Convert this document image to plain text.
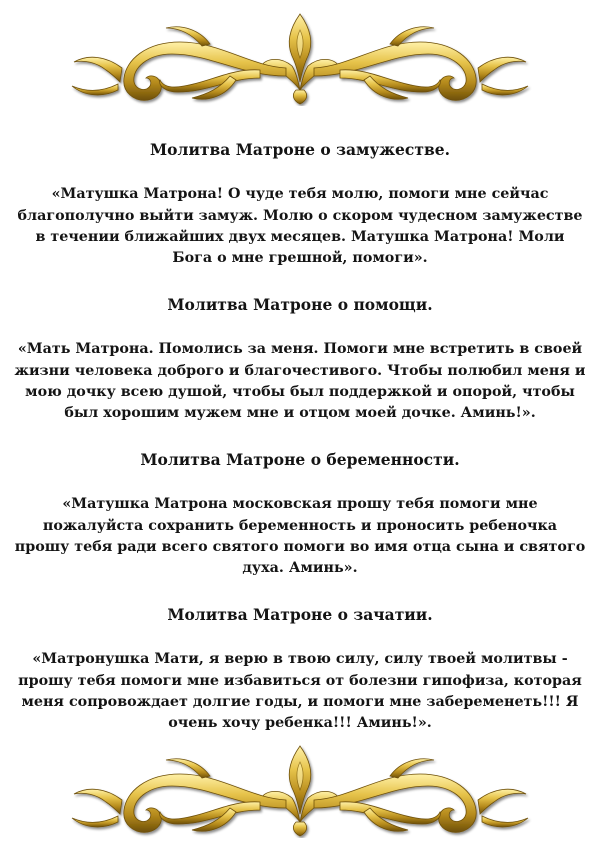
Молитва Матроне о замужестве.

«Матушка Матрона! О чуде тебя молю, помоги мне сейчас благополучно выйти замуж. Молю о скором чудесном замужестве в течении ближайших двух месяцев. Матушка Матрона! Моли Бога о мне грешной, помоги».

Молитва Матроне о помощи.

«Мать Матрона. Помолись за меня. Помоги мне встретить в своей жизни человека доброго и благочестивого. Чтобы полюбил меня и мою дочку всею душой, чтобы был поддержкой и опорой, чтобы был хорошим мужем мне и отцом моей дочке. Аминь!».

Молитва Матроне о беременности.

«Матушка Матрона московская прошу тебя помоги мне пожалуйста сохранить беременность и проносить ребеночка прошу тебя ради всего святого помоги во имя отца сына и святого духа. Аминь».

Молитва Матроне о зачатии.

«Матронушка Мати, я верю в твою силу, силу твоей молитвы - прошу тебя помоги мне избавиться от болезни гипофиза, которая меня сопровождает долгие годы, и помоги мне забеременеть!!! Я очень хочу ребенка!!! Аминь!».
